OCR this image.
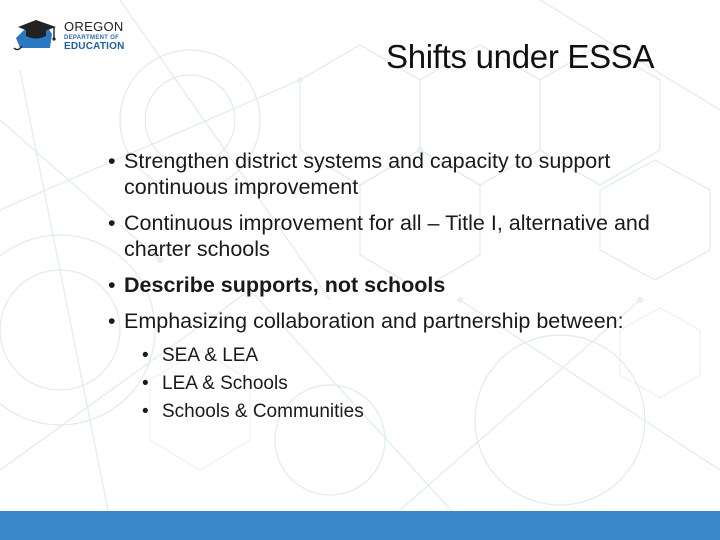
OREGON
DEPARTMENT OF
EDUCATION	Shifts under ESSA
• Strengthen district systems and capacity to support continuous improvement
• Continuous improvement for all – Title I, alternative and charter schools
• Describe supports, not schools
• Emphasizing collaboration and partnership between:
• SEA & LEA
• LEA & Schools
• Schools & Communities
